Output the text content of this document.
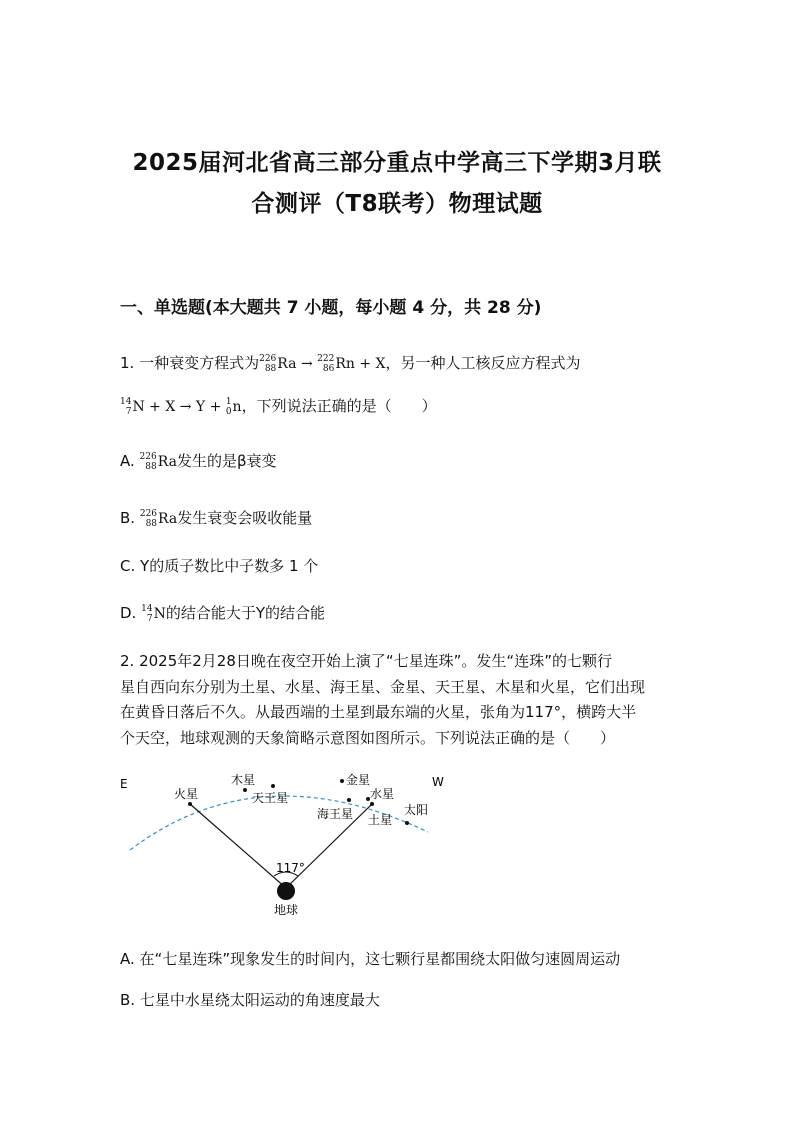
2025届河北省高三部分重点中学高三下学期3月联
合测评（T8联考）物理试题
一、单选题(本大题共 7 小题，每小题 4 分，共 28 分)
1. 一种衰变方程式为 226
88 Ra → 222
86 Rn + X，另一种人工核反应方程式为
14
7 N + X → Y + 1
0 n，下列说法正确的是（　　）
A. 226
88 Ra发生的是β衰变
B. 226
88 Ra发生衰变会吸收能量
C. Y的质子数比中子数多 1 个
D. 14
7 N的结合能大于Y的结合能
2. 2025年2月28日晚在夜空开始上演了“七星连珠”。发生“连珠”的七颗行
星自西向东分别为土星、水星、海王星、金星、天王星、木星和火星，它们出现
在黄昏日落后不久。从最西端的土星到最东端的火星，张角为117°，横跨大半
个天空，地球观测的天象简略示意图如图所示。下列说法正确的是（　　）
E	W
火星
木星
天王星
金星
水星
海王星 土星
太阳
117°
地球
A. 在“七星连珠”现象发生的时间内，这七颗行星都围绕太阳做匀速圆周运动
B. 七星中水星绕太阳运动的角速度最大
